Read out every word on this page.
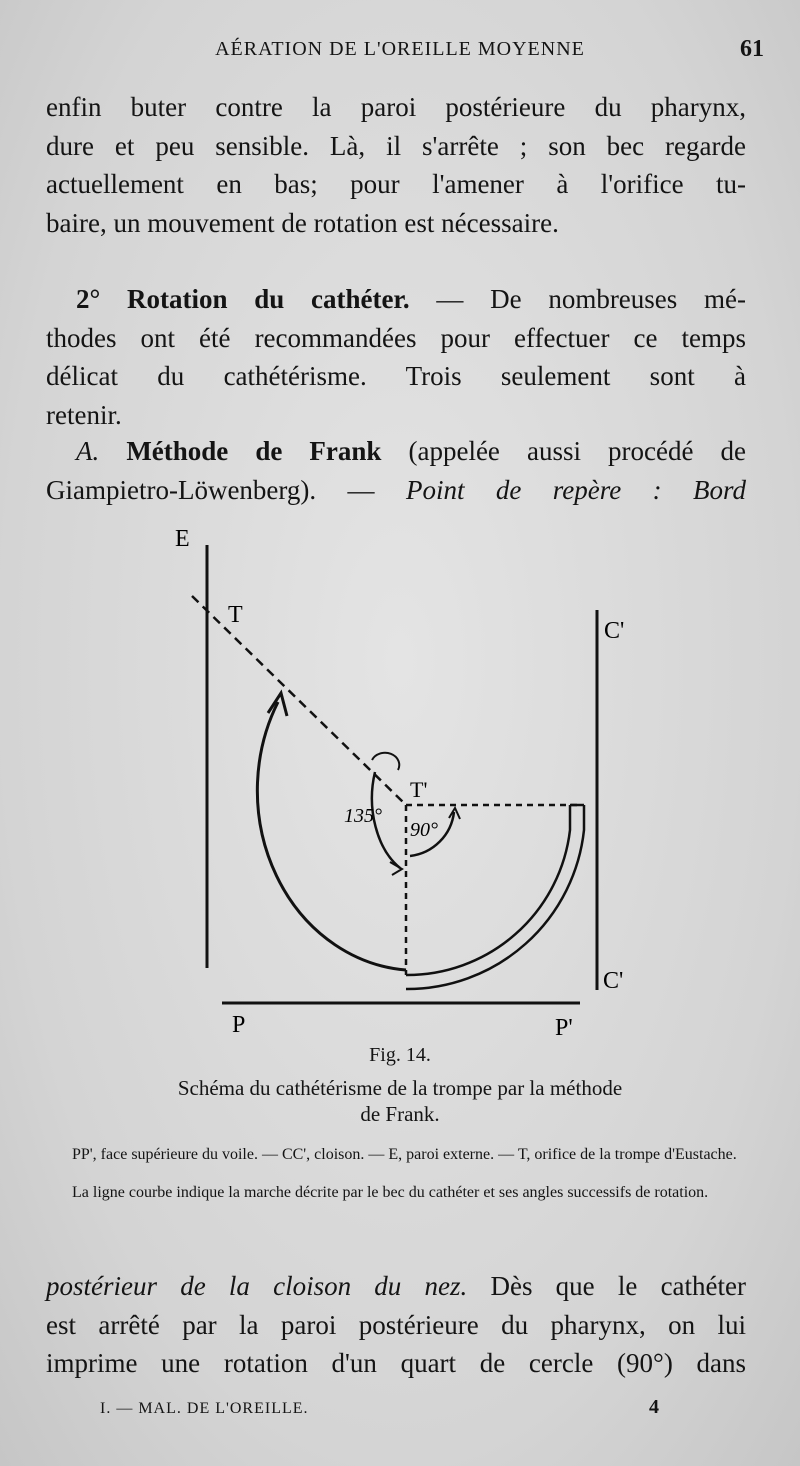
AÉRATION DE L'OREILLE MOYENNE	61
enfin buter contre la paroi postérieure du pharynx,
dure et peu sensible. Là, il s'arrête ; son bec regarde
actuellement en bas; pour l'amener à l'orifice tu-
baire, un mouvement de rotation est nécessaire.
2° Rotation du cathéter. — De nombreuses mé-
thodes ont été recommandées pour effectuer ce temps
délicat du cathétérisme. Trois seulement sont à
retenir.
A. Méthode de Frank (appelée aussi procédé de
Giampietro-Löwenberg). — Point de repère : Bord
E
T
T'
C'
C'
P	P'
135°
90°
Fig. 14.
Schéma du cathétérisme de la trompe par la méthode
de Frank.
PP', face supérieure du voile. — CC', cloison. — E, paroi externe. — T, orifice de la trompe d'Eustache.
La ligne courbe indique la marche décrite par le bec du cathéter et ses angles successifs de rotation.
postérieur de la cloison du nez. Dès que le cathéter
est arrêté par la paroi postérieure du pharynx, on lui
imprime une rotation d'un quart de cercle (90°) dans
I. — MAL. DE L'OREILLE.	4
